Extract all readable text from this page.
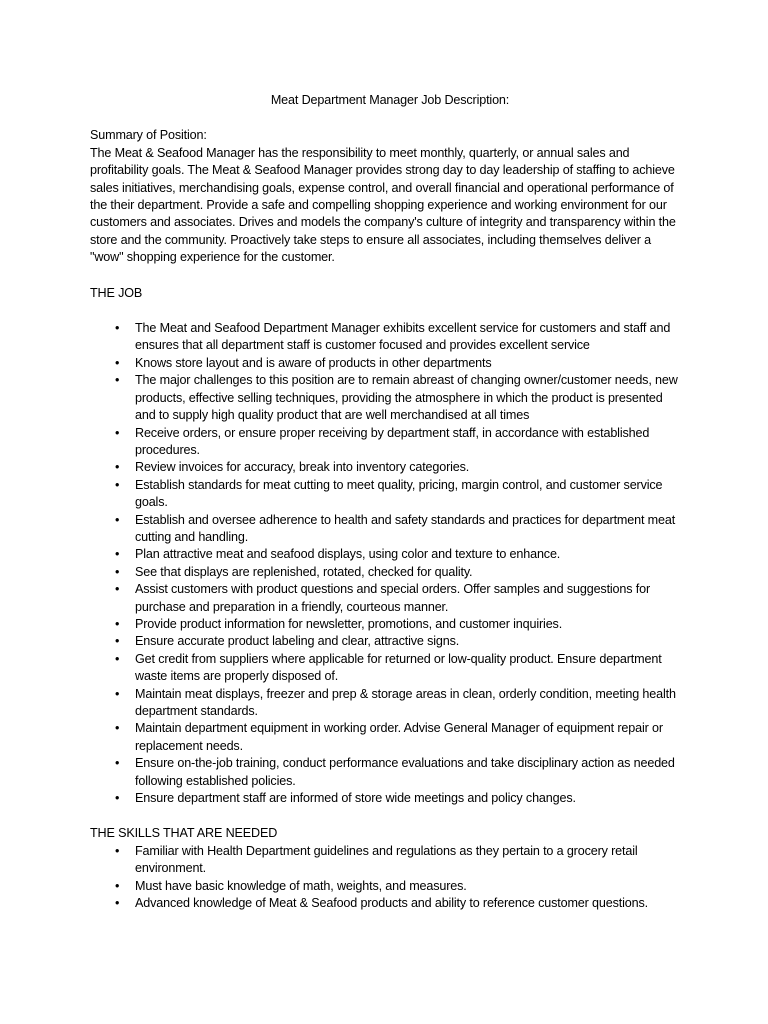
Meat Department Manager Job Description:

Summary of Position:

The Meat & Seafood Manager has the responsibility to meet monthly, quarterly, or annual sales and profitability goals. The Meat & Seafood Manager provides strong day to day leadership of staffing to achieve sales initiatives, merchandising goals, expense control, and overall financial and operational performance of the their department. Provide a safe and compelling shopping experience and working environment for our customers and associates. Drives and models the company's culture of integrity and transparency within the store and the community. Proactively take steps to ensure all associates, including themselves deliver a "wow" shopping experience for the customer.

THE JOB

• The Meat and Seafood Department Manager exhibits excellent service for customers and staff and ensures that all department staff is customer focused and provides excellent service
• Knows store layout and is aware of products in other departments
• The major challenges to this position are to remain abreast of changing owner/customer needs, new products, effective selling techniques, providing the atmosphere in which the product is presented and to supply high quality product that are well merchandised at all times
• Receive orders, or ensure proper receiving by department staff, in accordance with established procedures.
• Review invoices for accuracy, break into inventory categories.
• Establish standards for meat cutting to meet quality, pricing, margin control, and customer service goals.
• Establish and oversee adherence to health and safety standards and practices for department meat cutting and handling.
• Plan attractive meat and seafood displays, using color and texture to enhance.
• See that displays are replenished, rotated, checked for quality.
• Assist customers with product questions and special orders. Offer samples and suggestions for purchase and preparation in a friendly, courteous manner.
• Provide product information for newsletter, promotions, and customer inquiries.
• Ensure accurate product labeling and clear, attractive signs.
• Get credit from suppliers where applicable for returned or low-quality product. Ensure department waste items are properly disposed of.
• Maintain meat displays, freezer and prep & storage areas in clean, orderly condition, meeting health department standards.
• Maintain department equipment in working order. Advise General Manager of equipment repair or replacement needs.
• Ensure on-the-job training, conduct performance evaluations and take disciplinary action as needed following established policies.
• Ensure department staff are informed of store wide meetings and policy changes.

THE SKILLS THAT ARE NEEDED

• Familiar with Health Department guidelines and regulations as they pertain to a grocery retail environment.
• Must have basic knowledge of math, weights, and measures.
• Advanced knowledge of Meat & Seafood products and ability to reference customer questions.
